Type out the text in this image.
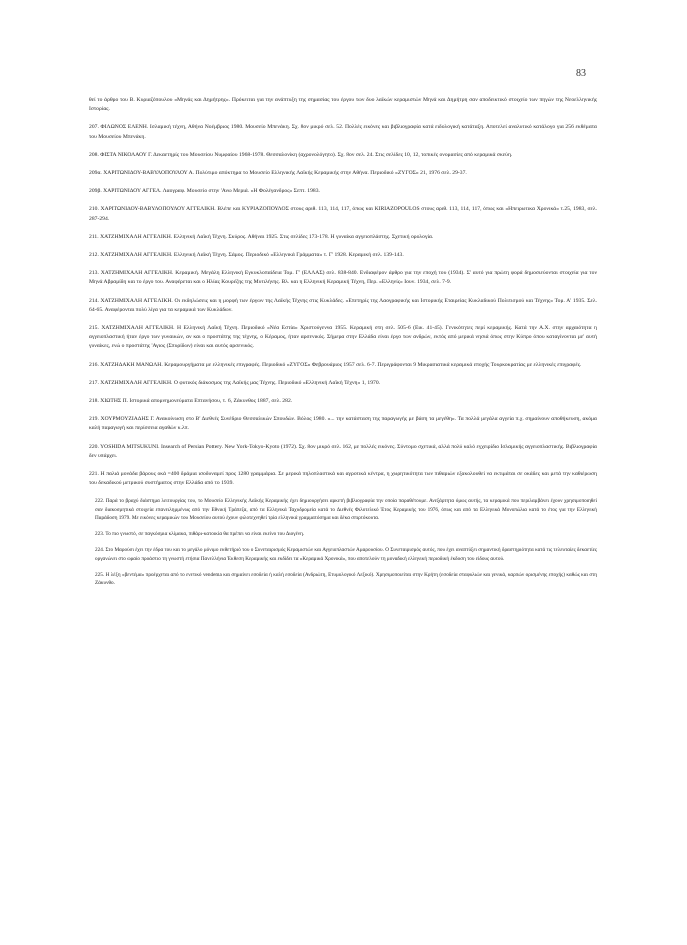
83

θεί το άρθρο του Β. Κυριαζόπουλου «Μηνάς και Δημήτρης». Πρόκειται για την ανάπτυξη της σημασίας του έργου των δυο λαϊκών κεραμιστών Μηνά και Δημήτρη σαν αποδεικτικό στοιχείο των πηγών της Νεοελληνικής Ιστορίας.

207. ΦΙΛΩΝΟΣ ΕΛΕΝΗ. Ισλαμική τέχνη, Αθήνα Νοέμβριος 1980. Μουσείο Μπενάκη. Σχ. 8ον μικρό σελ. 52. Πολλές εικόνες και βιβλιογραφία κατά ειδολογική κατάταξη. Αποτελεί αναλυτικό κατάλογο για 256 εκθέματα του Μουσείου Μπενάκη.

208. ΦΙΣΤΑ ΝΙΚΟΛΑΟΥ Γ. Δεκαετηρίς του Μουσείου Νυμφαίου 1968-1978. Θεσσαλονίκη (αχρονολόγητο). Σχ. 8ον σελ. 24. Στις σελίδες 10, 12, τοπικές ονομασίες από κεραμικά σκεύη.

209α. ΧΑΡΙΤΩΝΙΔΟΥ-ΒΑΒΥΛΟΠΟΥΛΟΥ Α. Πολύτιμο απόκτημα το Μουσείο Ελληνικής Λαϊκής Κεραμικής στην Αθήνα. Περιοδικό «ΖΥΓΟΣ» 21, 1976 σελ. 29-37.

209β. ΧΑΡΙΤΩΝΙΔΟΥ ΑΓΓΕΛ. Λαογραφ. Μουσείο στην 'Ανω Μεριά. «Η Φολέγανδρος» Σεπτ. 1983.

210. ΧΑΡΙΤΩΝΙΔΟΥ-ΒΑΒΥΛΟΠΟΥΛΟΥ ΑΓΓΕΛΙΚΗ. Βλέπε και ΚΥΡΙΑΖΟΠΟΥΛΟΣ στους αριθ. 113, 114, 117, όπως και KIRIAZOPOULOS στους αριθ. 113, 114, 117, όπως και «Ηπειρωτικα Χρονικά» τ.25, 1983, σελ. 287-294.

211. ΧΑΤΖΗΜΙΧΑΛΗ ΑΓΓΕΛΙΚΗ. Ελληνική Λαϊκή Τέχνη. Σκύρος. Αθήναι 1925. Στις σελίδες 173-178. Η γυναίκα αγγειοπλάστης. Σχετική ορολογία.

212. ΧΑΤΖΗΜΙΧΑΛΗ ΑΓΓΕΛΙΚΗ. Ελληνική Λαϊκή Τέχνη. Σάμος. Περιοδικό «Ελληνικά Γράμματα» τ. Γ' 1928. Κεραμική σελ. 139-143.

213. ΧΑΤΖΗΜΙΧΑΛΗ ΑΓΓΕΛΙΚΗ. Κεραμική. Μεγάλη Ελληνική Εγκυκλοπαίδεια Τομ. Γ' (ΕΛΛΑΣ) σελ. 838-840. Ενδιαφέρον άρθρο για την εποχή του (1934). Σ' αυτό για πρώτη φορά δημοσιεύονται στοιχεία για τον Μηνά Αβραμίδη και το έργο του. Αναφέρεται και ο Ηλίας Κουρέζης της Μυτιλήνης. Βλ. και η Ελληνική Κεραμική Τέχνη, Περ. «Ελληνίς» Ιουν. 1934, σελ. 7-9.

214. ΧΑΤΖΗΜΙΧΑΛΗ ΑΓΓΕΛΙΚΗ. Οι εκδηλώσεις και η μορφή των έργων της Λαϊκής Τέχνης στις Κυκλάδες. «Επετηρίς της Λαογραφικής και Ιστορικής Εταιρείας Κυκλαδικού Πολιτισμού και Τέχνης» Τομ. Α' 1935. Σελ. 64-65. Αναφέρονται πολύ λίγα για τα κεραμικά των Κυκλάδων.

215. ΧΑΤΖΗΜΙΧΑΛΗ ΑΓΓΕΛΙΚΗ. Η Ελληνική Λαϊκή Τέχνη. Περιοδικό «Νέα Εστία» Χριστούγεννα 1955. Κεραμική στη σελ. 505-6 (Εικ. 41-45). Γενικότητες περί κεραμικής. Κατά την Α.Χ. στην αρχαιότητα η αγγειοπλαστική ήταν έργο των γυναικών, αν και ο προστάτης της τέχνης, ο Κέραμος, ήταν αρσενικός. Σήμερα στην Ελλάδα είναι έργο των ανδρών, εκτός από μερικά νησιά όπως στην Κύπρο όπου καταγίνονται με' αυτή γυναίκες, ενώ ο προστάτης 'Αγιος (Σπυρίδων) είναι και αυτός αρσενικός.

216. ΧΑΤΖΗΔΑΚΗ ΜΑΝΩΛΗ. Κεραμουργήματα με ελληνικές επιγραφές. Περιοδικό «ΖΥΓΟΣ» Φεβρουάριος 1957 σελ. 6-7. Περιγράφονται 9 Μικρασιατικά κεραμικά εποχής Τουρκοκρατίας με ελληνικές επιγραφές.

217. ΧΑΤΖΗΜΙΧΑΛΗ ΑΓΓΕΛΙΚΗ. Ο φυτικός διάκοσμος της Λαϊκής μας Τέχνης. Περιοδικό «Ελληνική Λαϊκή Τέχνη» 1, 1970.

218. ΧΙΩΤΗΣ Π. Ιστορικά απομνημονεύματα Επτανήσου, τ. 6, Ζάκυνθος 1887, σελ. 282.

219. ΧΟΥΡΜΟΥΖΙΑΔΗΣ Γ. Ανακοίνωση στο Β' Διεθνές Συνέδριο Θεσσαλικών Σπουδών. Βόλος 1980. «... την κατάσταση της παραγωγής με βάση τα μεγέθη». Τα πολλά μεγάλα αγγεία π.χ. σημαίνουν αποθήκευση, ακόμα καλή παραγωγή και περίσσεια αγαθών κ.λπ.

220. YOSHIDA MITSUKUNI. Insearch of Persian Pottery. New York-Tokyo-Kyoto (1972). Σχ. 8ον μικρό σελ. 162, με πολλές εικόνες. Σύντομο σχετικά, αλλά πολύ καλό εγχειρίδιο Ισλαμικής αγγειοπλαστικής. Βιβλιογραφία δεν υπάρχει.

221. Η παλιά μονάδα βάρους οκά =400 δράμια ισοδυναμεί προς 1280 γραμμάρια. Σε μερικά πηλοπλαστικά και αγροτικά κέντρα, η χωρητικότητα των πιθαριών εξακολουθεί να εκτιμάται σε οκάδες και μετά την καθιέρωση του δεκαδικού μετρικού συστήματος στην Ελλάδα από το 1939.

222. Παρά το βραχύ διάστημα λειτουργίας του, το Μουσείο Ελληνικής Λαϊκής Κεραμικής έχει δημιουργήσει αρκετή βιβλιογραφία την οποία παραθέτουμε. Ανεξάρτητα όμως αυτής, τα κεραμικά που περιλαμβάνει έχουν χρησιμοποιηθεί σαν διακοσμητικά στοιχεία επανειλημμένως από την Εθνική Τράπεζα, από τα Ελληνικά Ταχυδρομεία κατά το Διεθνές Φιλοτελικό Έτος Κεραμικής του 1976, όπως και από τα Ελληνικά Μονοπώλια κατά το έτος για την Ελληνική Παράδοση 1979. Με εικόνες κεραμικών του Μουσείου αυτού έχουν φιλοτεχνηθεί τρία ελληνικά γραμματόσημα και δέκα σπιρτόκουτα.

223. Το πιο γνωστό, σε παγκόσμια κλίμακα, πιθάρι-κατοικία θα πρέπει να είναι εκείνο του Διογένη.

224. Στο Μαρούσι έχει την έδρα του και το μεγάλο μόνιμο εκθετήριό του ο Συνεταιρισμός Κεραμιστών και Αγγειοπλαστών Αμαρουσίου. Ο Συνεταιρισμός αυτός, που έχει αναπτύξει σημαντική δραστηριότητα κατά τις τελευταίες δεκαετίες οργανώνει στο ωραίο προάστιο τη γνωστή ετήσια Πανελλήνια Έκθεση Κεραμικής και εκδίδει τα «Κεραμικά Χρονικά», που αποτελούν τη μοναδική ελληνική περιοδική έκδοση του είδους αυτού.

225. Η λέξη «βεντέμα» προέρχεται από το ενετικό vendema και σημαίνει εσοδεία ή καλή εσοδεία (Ανδριώτη, Ετυμολογικό Λεξικό). Χρησιμοποιείται στην Κρήτη (εσοδεία σταφυλιών και γενικά, καρπών ορισμένης εποχής) καθώς και στη Ζάκυνθο.
